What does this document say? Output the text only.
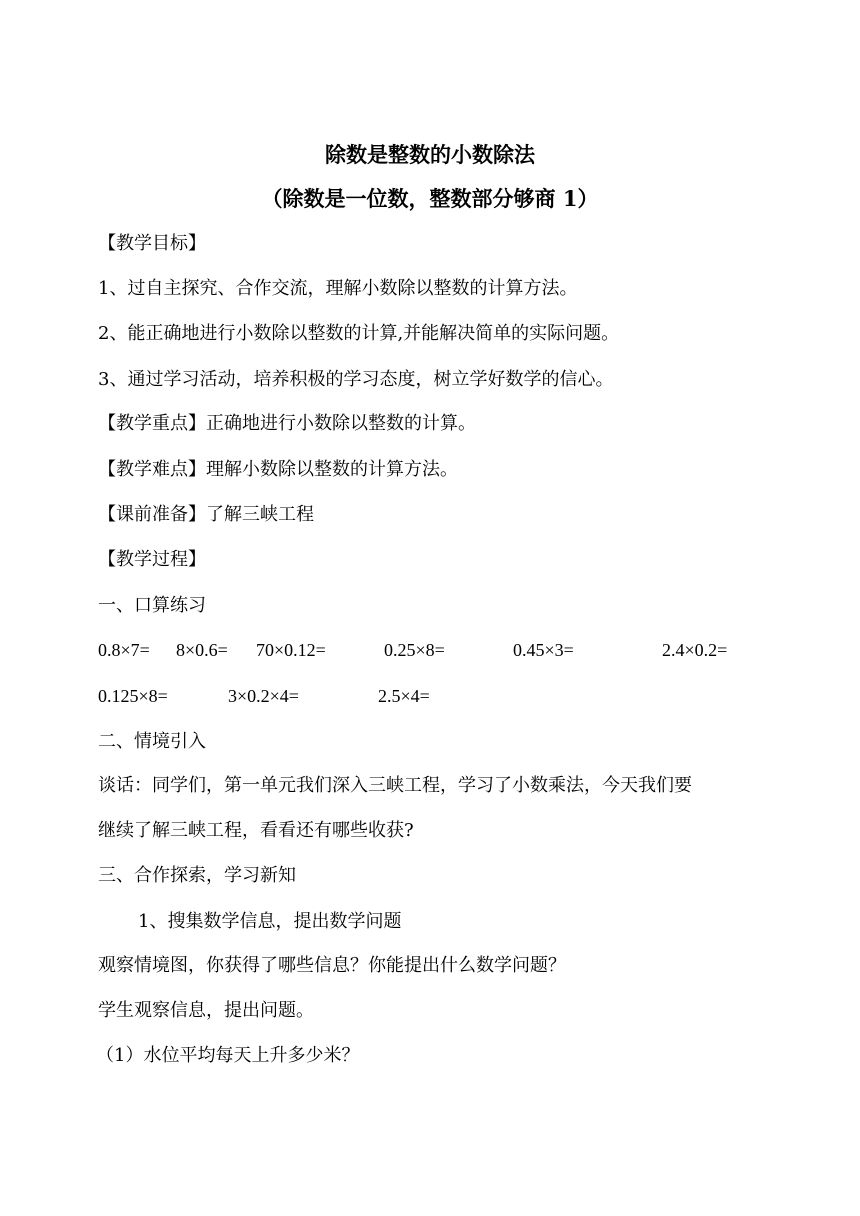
除数是整数的小数除法
（除数是一位数，整数部分够商 1）
【教学目标】
1、过自主探究、合作交流，理解小数除以整数的计算方法。
2、能正确地进行小数除以整数的计算,并能解决简单的实际问题。
3、通过学习活动，培养积极的学习态度，树立学好数学的信心。
【教学重点】正确地进行小数除以整数的计算。
【教学难点】理解小数除以整数的计算方法。
【课前准备】了解三峡工程
【教学过程】
一、口算练习
0.8×7= 8×0.6= 70×0.12=	0.25×8=	0.45×3=	2.4×0.2=
0.125×8=	3×0.2×4=	2.5×4=
二、情境引入
谈话：同学们，第一单元我们深入三峡工程，学习了小数乘法，今天我们要
继续了解三峡工程，看看还有哪些收获?
三、合作探索，学习新知
1、搜集数学信息，提出数学问题
观察情境图，你获得了哪些信息？你能提出什么数学问题？
学生观察信息，提出问题。
（1）水位平均每天上升多少米？
